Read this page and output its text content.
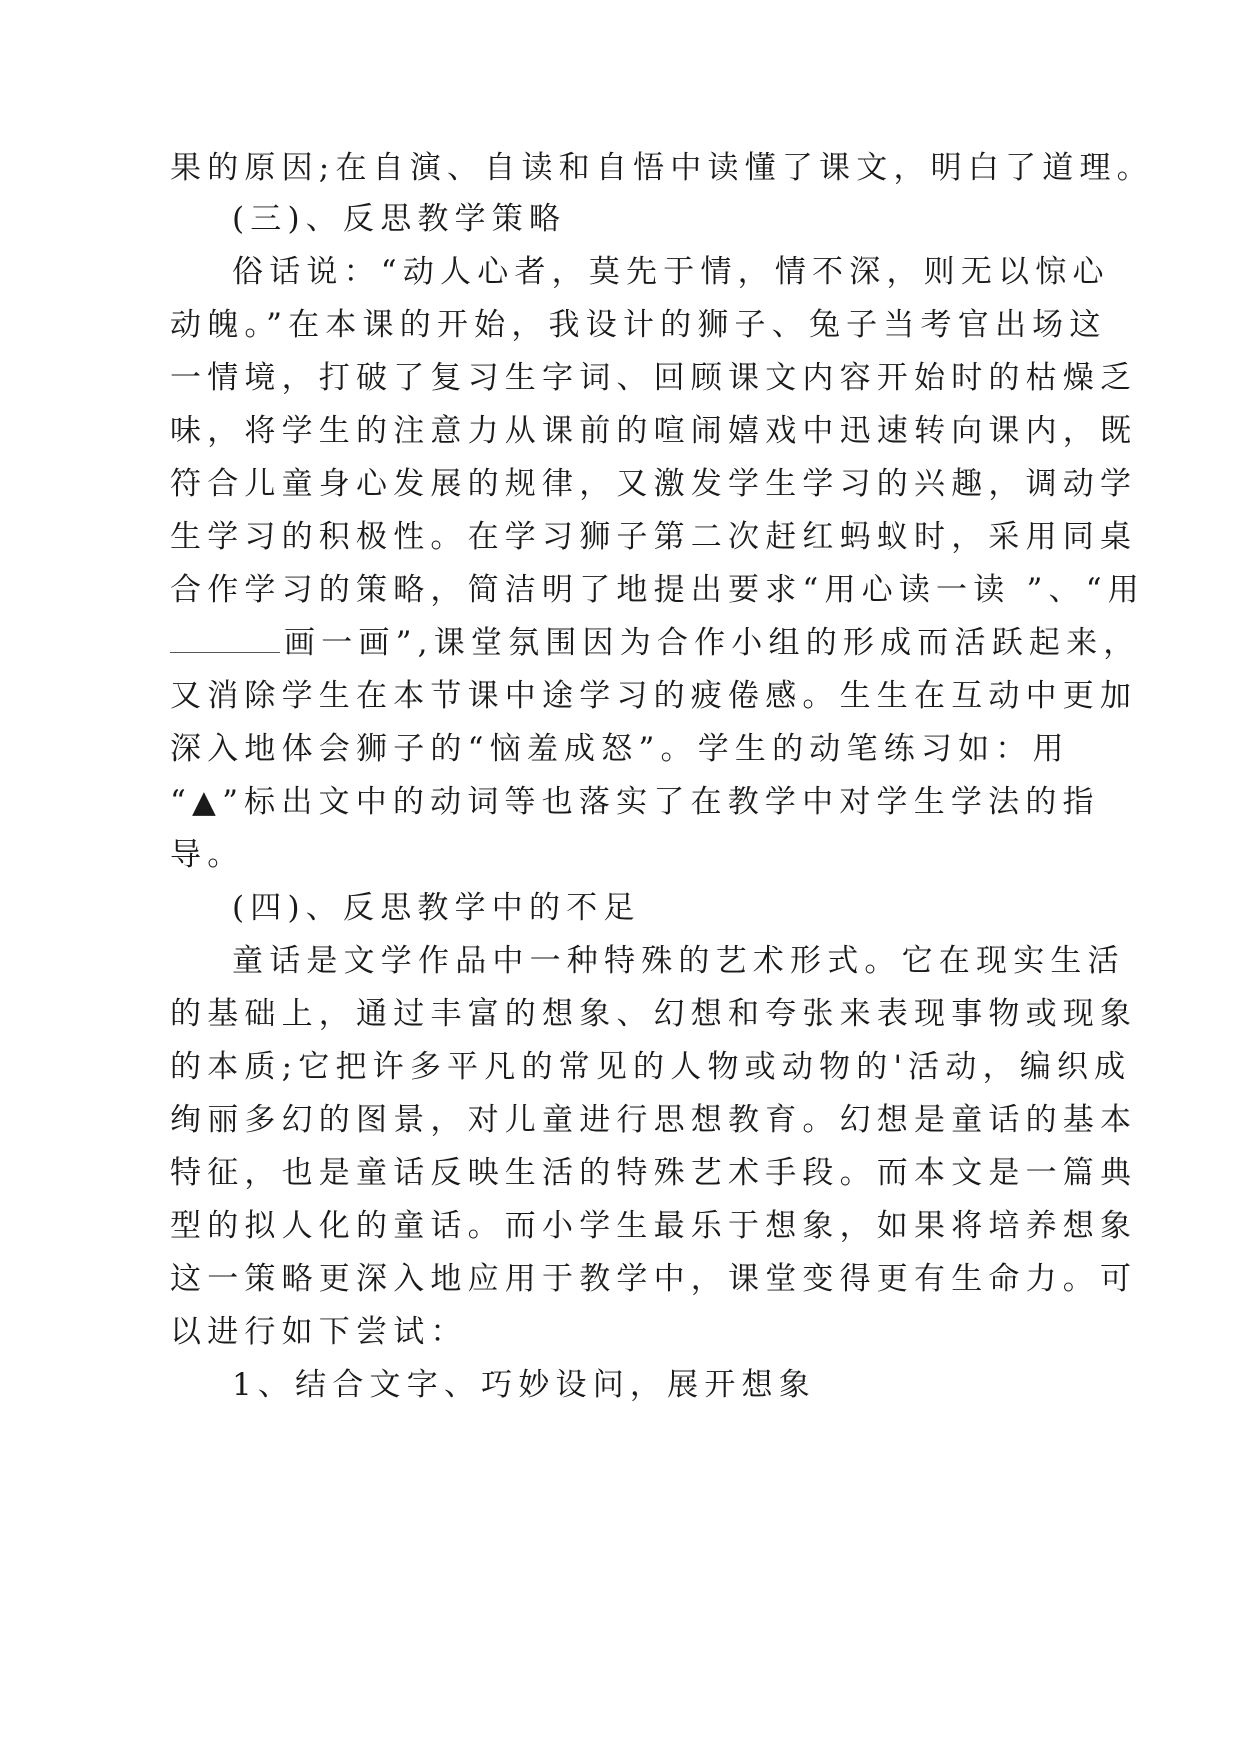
果的原因;在自演、自读和自悟中读懂了课文，明白了道理。
(三)、反思教学策略
俗话说：“动人心者，莫先于情，情不深，则无以惊心
动魄。”在本课的开始，我设计的狮子、兔子当考官出场这
一情境，打破了复习生字词、回顾课文内容开始时的枯燥乏
味，将学生的注意力从课前的喧闹嬉戏中迅速转向课内，既
符合儿童身心发展的规律，又激发学生学习的兴趣，调动学
生学习的积极性。在学习狮子第二次赶红蚂蚁时，采用同桌
合作学习的策略，简洁明了地提出要求“用心读一读 ”、“用
画一画”,课堂氛围因为合作小组的形成而活跃起来，
又消除学生在本节课中途学习的疲倦感。生生在互动中更加
深入地体会狮子的“恼羞成怒”。学生的动笔练习如：用
“▲”标出文中的动词等也落实了在教学中对学生学法的指
导。
(四)、反思教学中的不足
童话是文学作品中一种特殊的艺术形式。它在现实生活
的基础上，通过丰富的想象、幻想和夸张来表现事物或现象
的本质;它把许多平凡的常见的人物或动物的'活动，编织成
绚丽多幻的图景，对儿童进行思想教育。幻想是童话的基本
特征，也是童话反映生活的特殊艺术手段。而本文是一篇典
型的拟人化的童话。而小学生最乐于想象，如果将培养想象
这一策略更深入地应用于教学中，课堂变得更有生命力。可
以进行如下尝试：
1、结合文字、巧妙设问，展开想象
